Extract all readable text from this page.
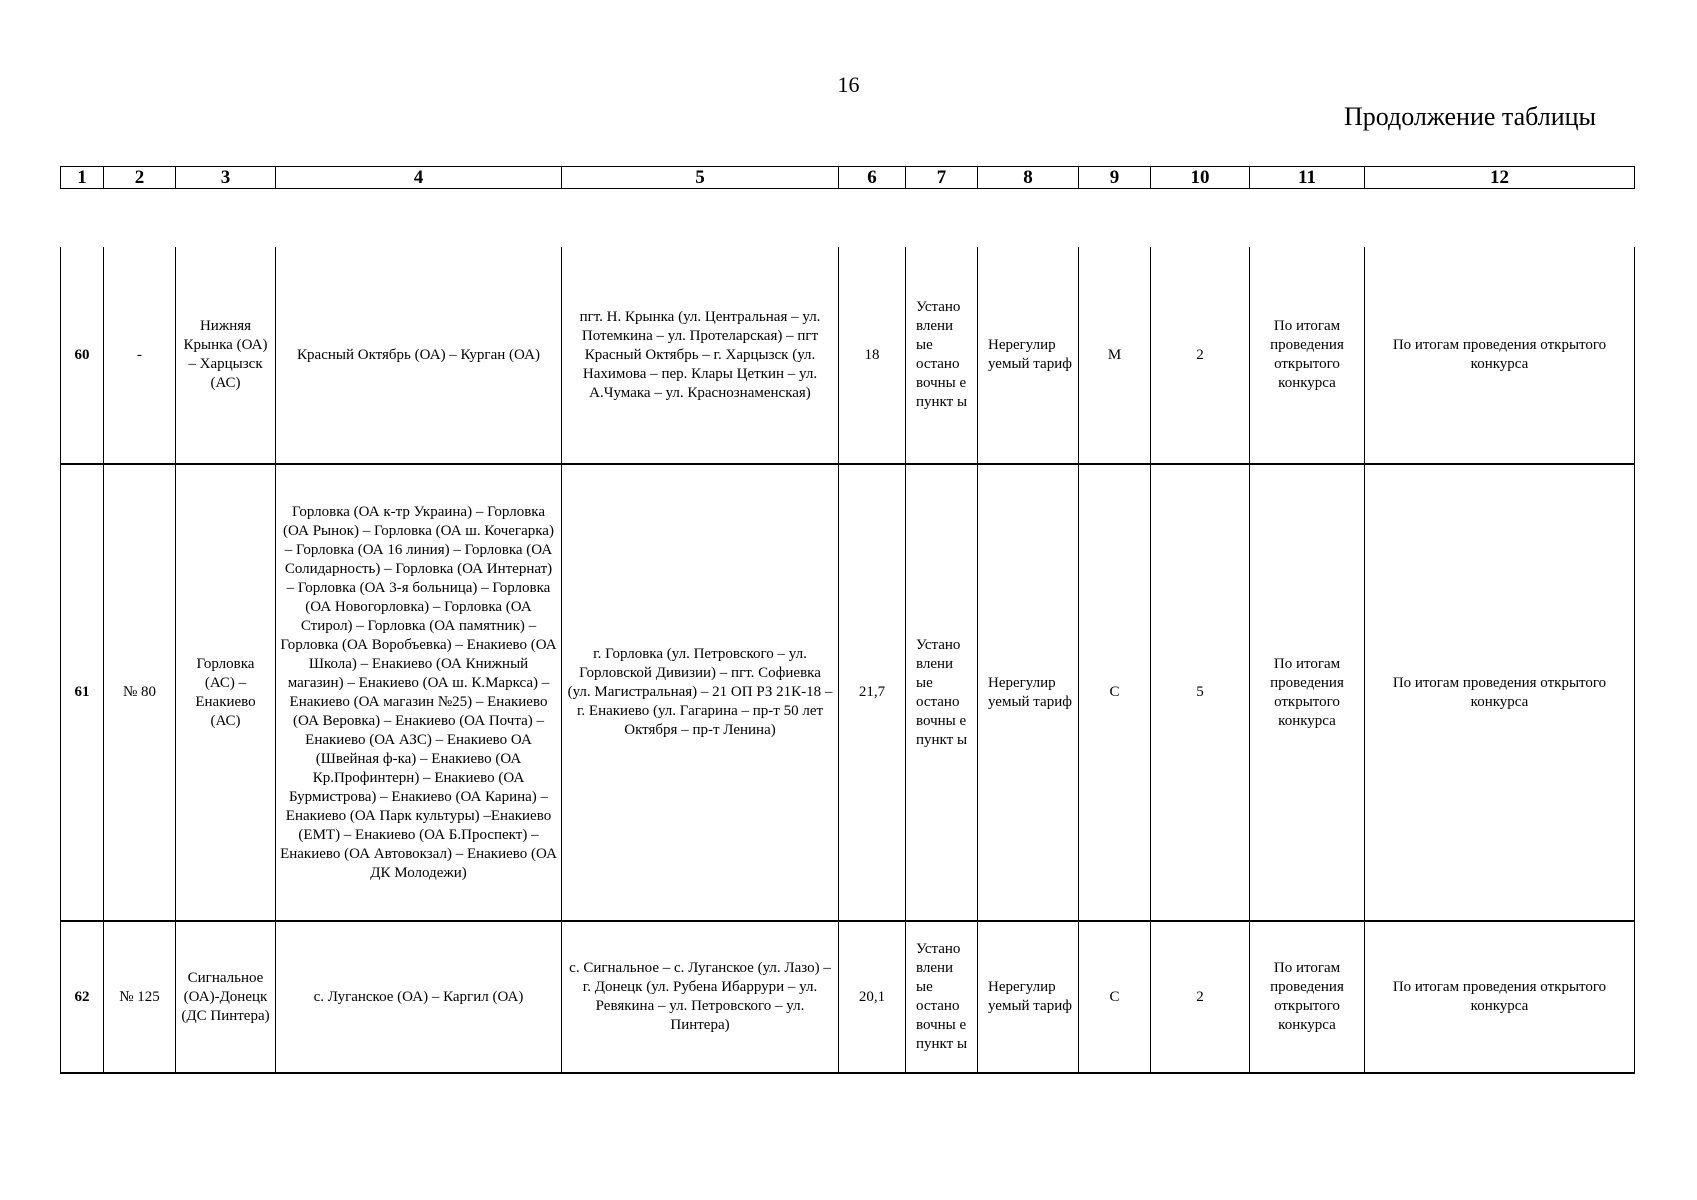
16
Продолжение таблицы
1	2	3	4	5	6	7	8	9	10	11	12
60	-	Нижняя Крынка (ОА) – Харцызск (АС)	Красный Октябрь (ОА) – Курган (ОА)	пгт. Н. Крынка (ул. Центральная – ул. Потемкина – ул. Протеларская) – пгт Красный Октябрь – г. Харцызск (ул. Нахимова – пер. Клары Цеткин – ул. А.Чумака – ул. Краснознаменская)	18	Устано влени ые остано вочны е пункт ы	Нерегулир уемый тариф	М	2	По итогам проведения открытого конкурса	По итогам проведения открытого конкурса
61	№ 80	Горловка (АС) – Енакиево (АС)	Горловка (ОА к-тр Украина) – Горловка (ОА Рынок) – Горловка (ОА ш. Кочегарка) – Горловка (ОА 16 линия) – Горловка (ОА Солидарность) – Горловка (ОА Интернат) – Горловка (ОА 3-я больница) – Горловка (ОА Новогорловка) – Горловка (ОА Стирол) – Горловка (ОА памятник) – Горловка (ОА Воробъевка) – Енакиево (ОА Школа) – Енакиево (ОА Книжный магазин) – Енакиево (ОА ш. К.Маркса) – Енакиево (ОА магазин №25) – Енакиево (ОА Веровка) – Енакиево (ОА Почта) – Енакиево (ОА АЗС) – Енакиево ОА (Швейная ф-ка) – Енакиево (ОА Кр.Профинтерн) – Енакиево (ОА Бурмистрова) – Енакиево (ОА Карина) – Енакиево (ОА Парк культуры) –Енакиево (ЕМТ) – Енакиево (ОА Б.Проспект) – Енакиево (ОА Автовокзал) – Енакиево (ОА ДК Молодежи)	г. Горловка (ул. Петровского – ул. Горловской Дивизии) – пгт. Софиевка (ул. Магистральная) – 21 ОП РЗ 21К-18 – г. Енакиево (ул. Гагарина – пр-т 50 лет Октября – пр-т Ленина)	21,7	Устано влени ые остано вочны е пункт ы	Нерегулир уемый тариф	С	5	По итогам проведения открытого конкурса	По итогам проведения открытого конкурса
62	№ 125	Сигнальное (ОА)-Донецк (ДС Пинтера)	с. Луганское (ОА) – Каргил (ОА)	с. Сигнальное – с. Луганское (ул. Лазо) – г. Донецк (ул. Рубена Ибаррури – ул. Ревякина – ул. Петровского – ул. Пинтера)	20,1	Устано влени ые остано вочны е пункт ы	Нерегулир уемый тариф	С	2	По итогам проведения открытого конкурса	По итогам проведения открытого конкурса
